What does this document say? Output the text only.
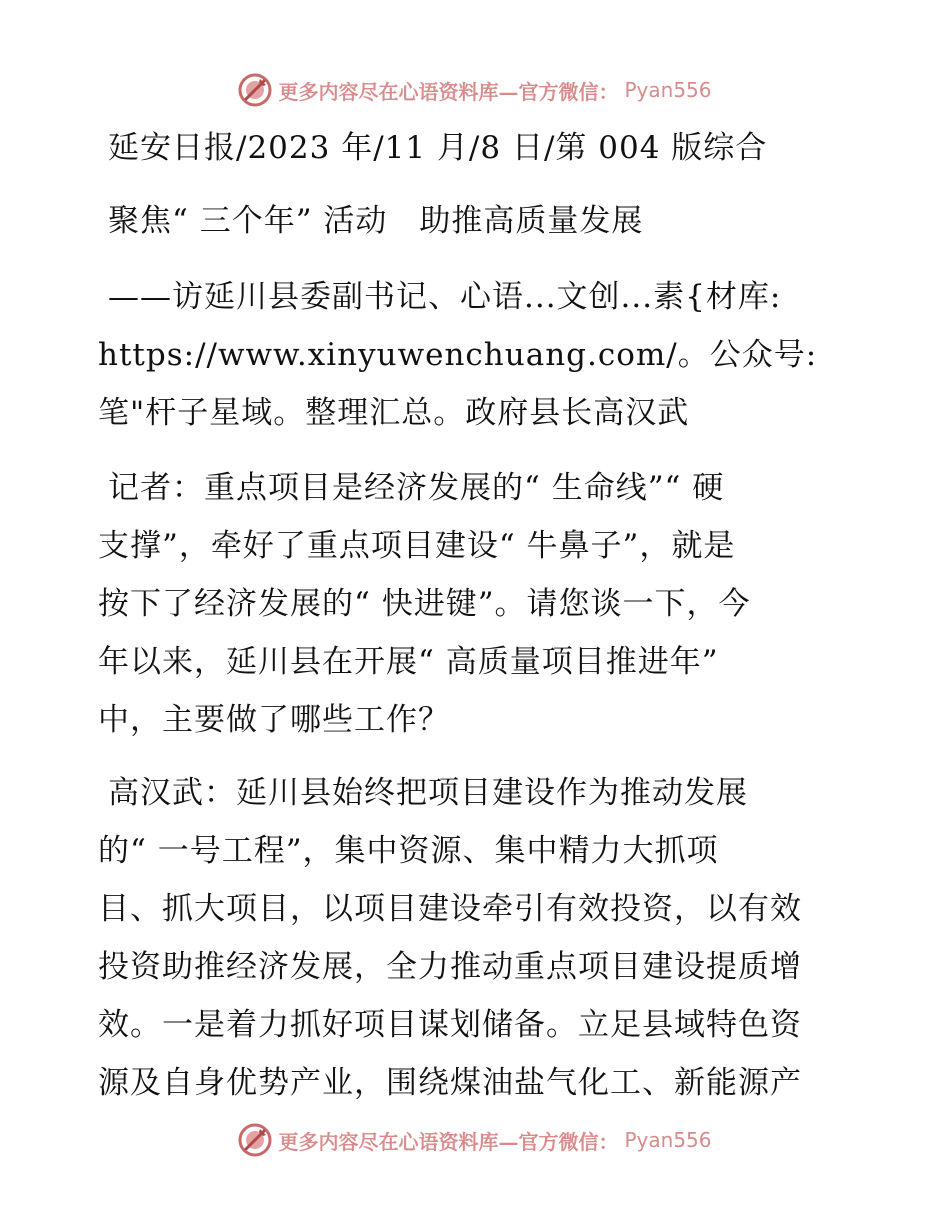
更多内容尽在心语资料库—官方微信： Pyan556
延安日报/2023 年/11 月/8 日/第 004 版综合
聚焦“ 三个年” 活动　助推高质量发展
——访延川县委副书记、心语...文创...素{材库:
https://www.xinyuwenchuang.com/。公众号:
笔"杆子星域。整理汇总。政府县长高汉武
记者：重点项目是经济发展的“ 生命线”“ 硬
支撑”，牵好了重点项目建设“ 牛鼻子”，就是
按下了经济发展的“ 快进键”。请您谈一下，今
年以来，延川县在开展“ 高质量项目推进年”
中，主要做了哪些工作？
高汉武：延川县始终把项目建设作为推动发展
的“ 一号工程”，集中资源、集中精力大抓项
目、抓大项目，以项目建设牵引有效投资，以有效
投资助推经济发展，全力推动重点项目建设提质增
效。一是着力抓好项目谋划储备。立足县域特色资
源及自身优势产业，围绕煤油盐气化工、新能源产
更多内容尽在心语资料库—官方微信： Pyan556
